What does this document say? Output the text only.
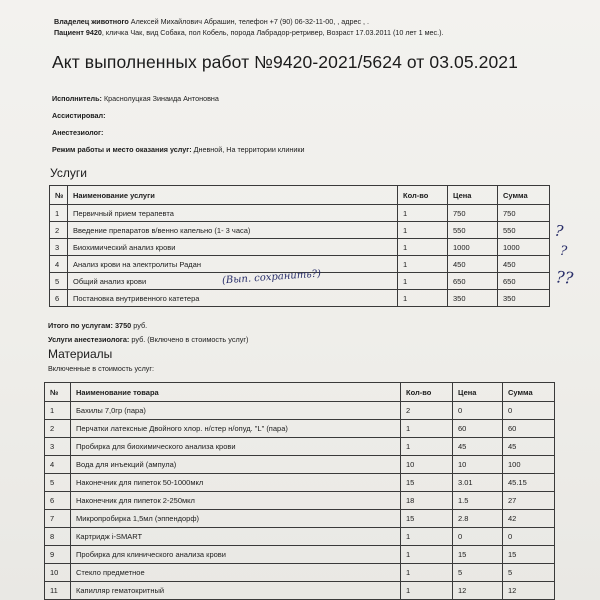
Владелец животного Алексей Михайлович Абрашин, телефон +7 (90) 06-32-11-00, , адрес , .
Пациент 9420, кличка Чак, вид Собака, пол Кобель, порода Лабрадор-ретривер, Возраст 17.03.2011 (10 лет 1 мес.).
Акт выполненных работ №9420-2021/5624 от 03.05.2021
Исполнитель: Краснолуцкая Зинаида Антоновна
Ассистировал:
Анестезиолог:
Режим работы и место оказания услуг: Дневной, На территории клиники
Услуги
№	Наименование услуги	Кол-во	Цена	Сумма
1	Первичный прием терапевта	1	750	750
2	Введение препаратов в/венно капельно (1- 3 часа)	1	550	550
3	Биохимический анализ крови	1	1000	1000
4	Анализ крови на электролиты Радан	1	450	450
5	Общий анализ крови	1	650	650
6	Постановка внутривенного катетера	1	350	350
Итого по услугам: 3750 руб.
Услуги анестезиолога: руб. (Включено в стоимость услуг)
Материалы
Включенные в стоимость услуг:
№	Наименование товара	Кол-во	Цена	Сумма
1	Бахилы 7,0гр (пара)	2	0	0
2	Перчатки латексные Двойного хлор. н/стер н/опуд. "L" (пара)	1	60	60
3	Пробирка для биохимического анализа крови	1	45	45
4	Вода для инъекций (ампула)	10	10	100
5	Наконечник для пипеток 50-1000мкл	15	3.01	45.15
6	Наконечник для пипеток 2-250мкл	18	1.5	27
7	Микропробирка 1,5мл (эппендорф)	15	2.8	42
8	Картридж i-SMART	1	0	0
9	Пробирка для клинического анализа крови	1	15	15
10	Стекло предметное	1	5	5
11	Капилляр гематокритный	1	12	12
(Вып. сохранить?)
?
?
??
